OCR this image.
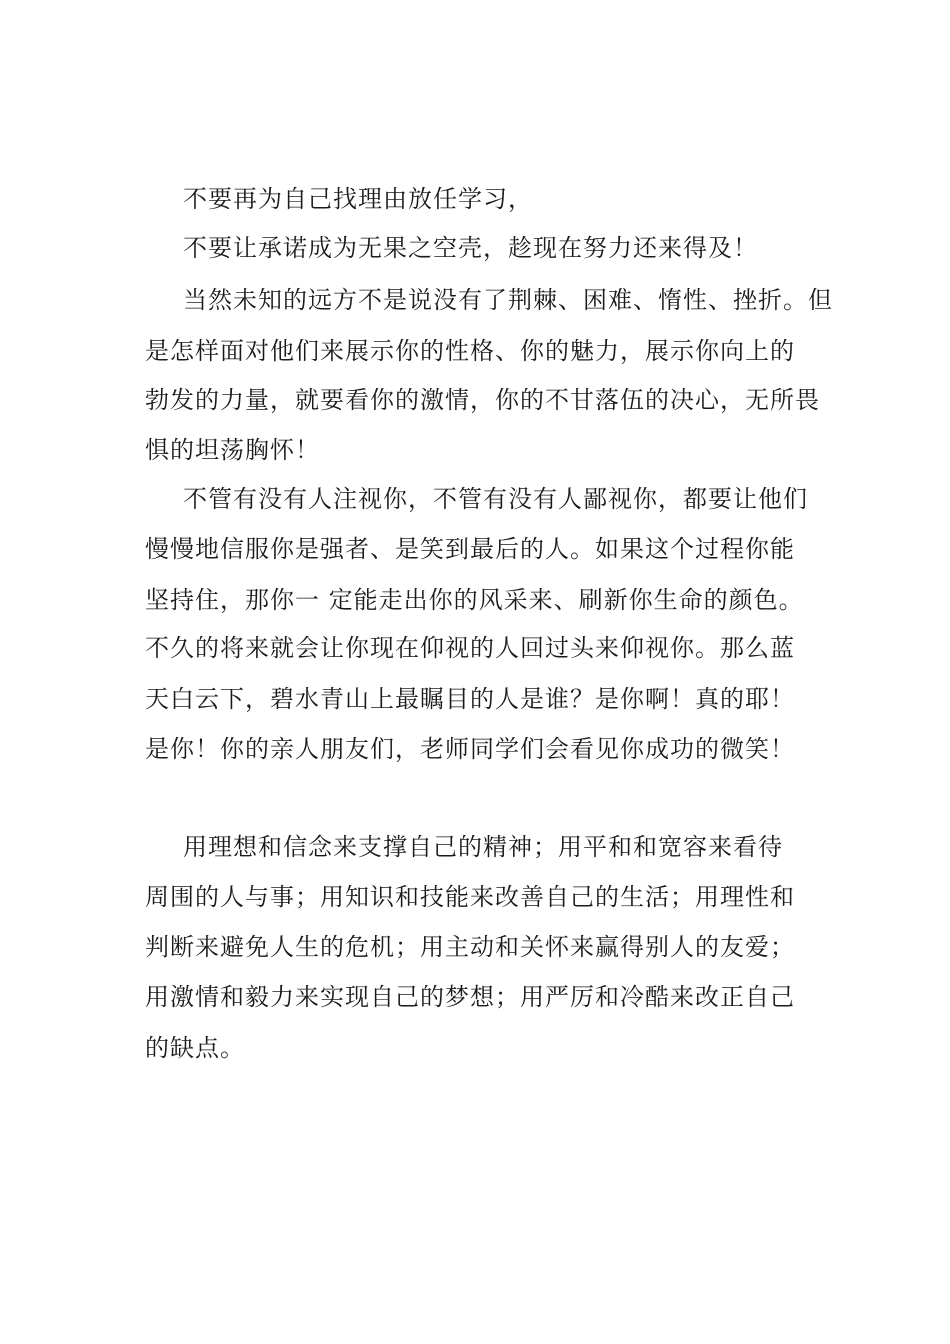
不要再为自己找理由放任学习，
不要让承诺成为无果之空壳，趁现在努力还来得及！
当然未知的远方不是说没有了荆棘、困难、惰性、挫折。但
是怎样面对他们来展示你的性格、你的魅力，展示你向上的
勃发的力量，就要看你的激情，你的不甘落伍的决心，无所畏
惧的坦荡胸怀！
不管有没有人注视你，不管有没有人鄙视你，都要让他们
慢慢地信服你是强者、是笑到最后的人。如果这个过程你能
坚持住，那你一 定能走出你的风采来、刷新你生命的颜色。
不久的将来就会让你现在仰视的人回过头来仰视你。那么蓝
天白云下，碧水青山上最瞩目的人是谁？是你啊！真的耶！
是你！你的亲人朋友们，老师同学们会看见你成功的微笑！
用理想和信念来支撑自己的精神；用平和和宽容来看待
周围的人与事；用知识和技能来改善自己的生活；用理性和
判断来避免人生的危机；用主动和关怀来赢得别人的友爱；
用激情和毅力来实现自己的梦想；用严厉和冷酷来改正自己
的缺点。
